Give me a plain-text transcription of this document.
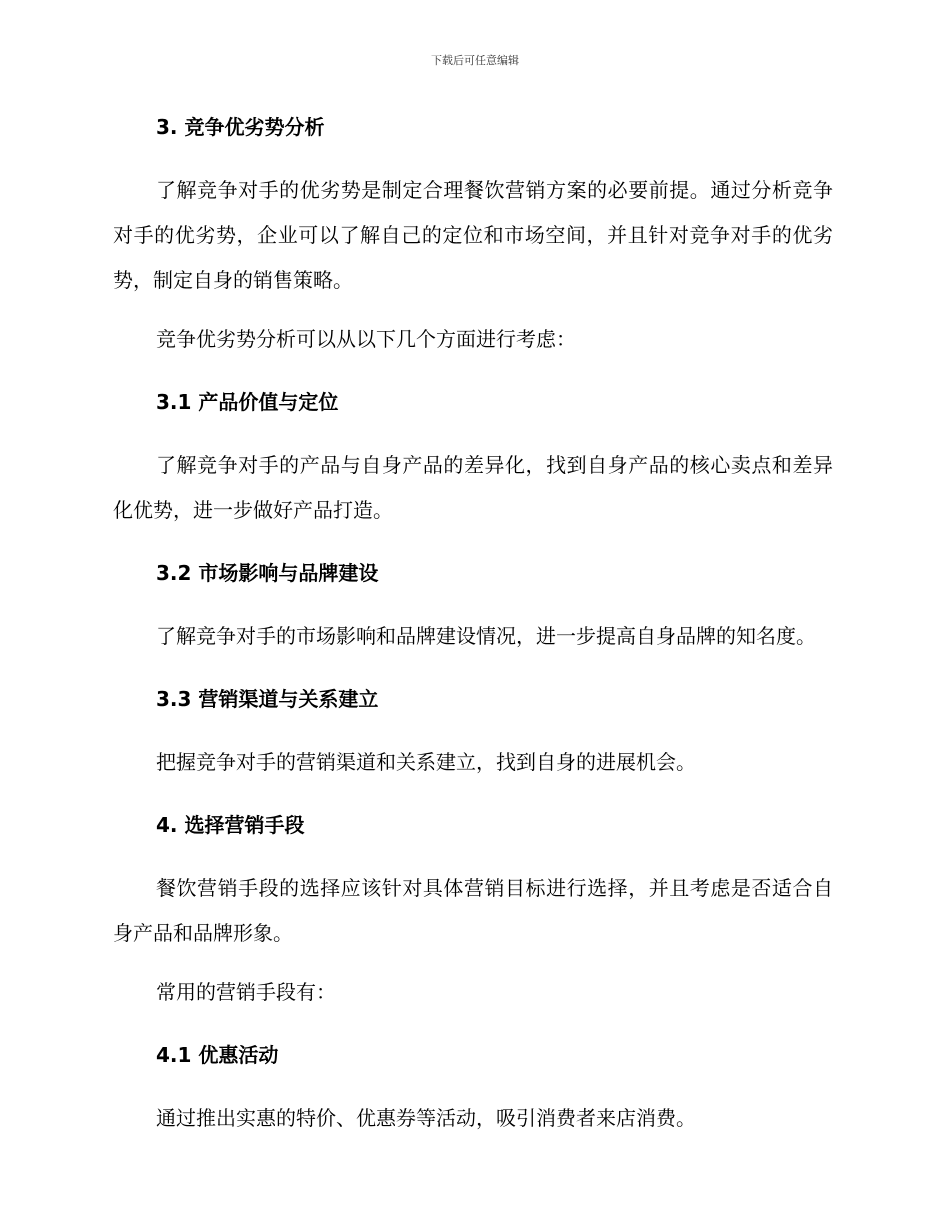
下载后可任意编辑
3. 竞争优劣势分析

了解竞争对手的优劣势是制定合理餐饮营销方案的必要前提。通过分析竞争对手的优劣势，企业可以了解自己的定位和市场空间，并且针对竞争对手的优劣势，制定自身的销售策略。

竞争优劣势分析可以从以下几个方面进行考虑：

3.1 产品价值与定位

了解竞争对手的产品与自身产品的差异化，找到自身产品的核心卖点和差异化优势，进一步做好产品打造。

3.2 市场影响与品牌建设

了解竞争对手的市场影响和品牌建设情况，进一步提高自身品牌的知名度。

3.3 营销渠道与关系建立

把握竞争对手的营销渠道和关系建立，找到自身的进展机会。

4. 选择营销手段

餐饮营销手段的选择应该针对具体营销目标进行选择，并且考虑是否适合自身产品和品牌形象。

常用的营销手段有：

4.1 优惠活动

通过推出实惠的特价、优惠券等活动，吸引消费者来店消费。
